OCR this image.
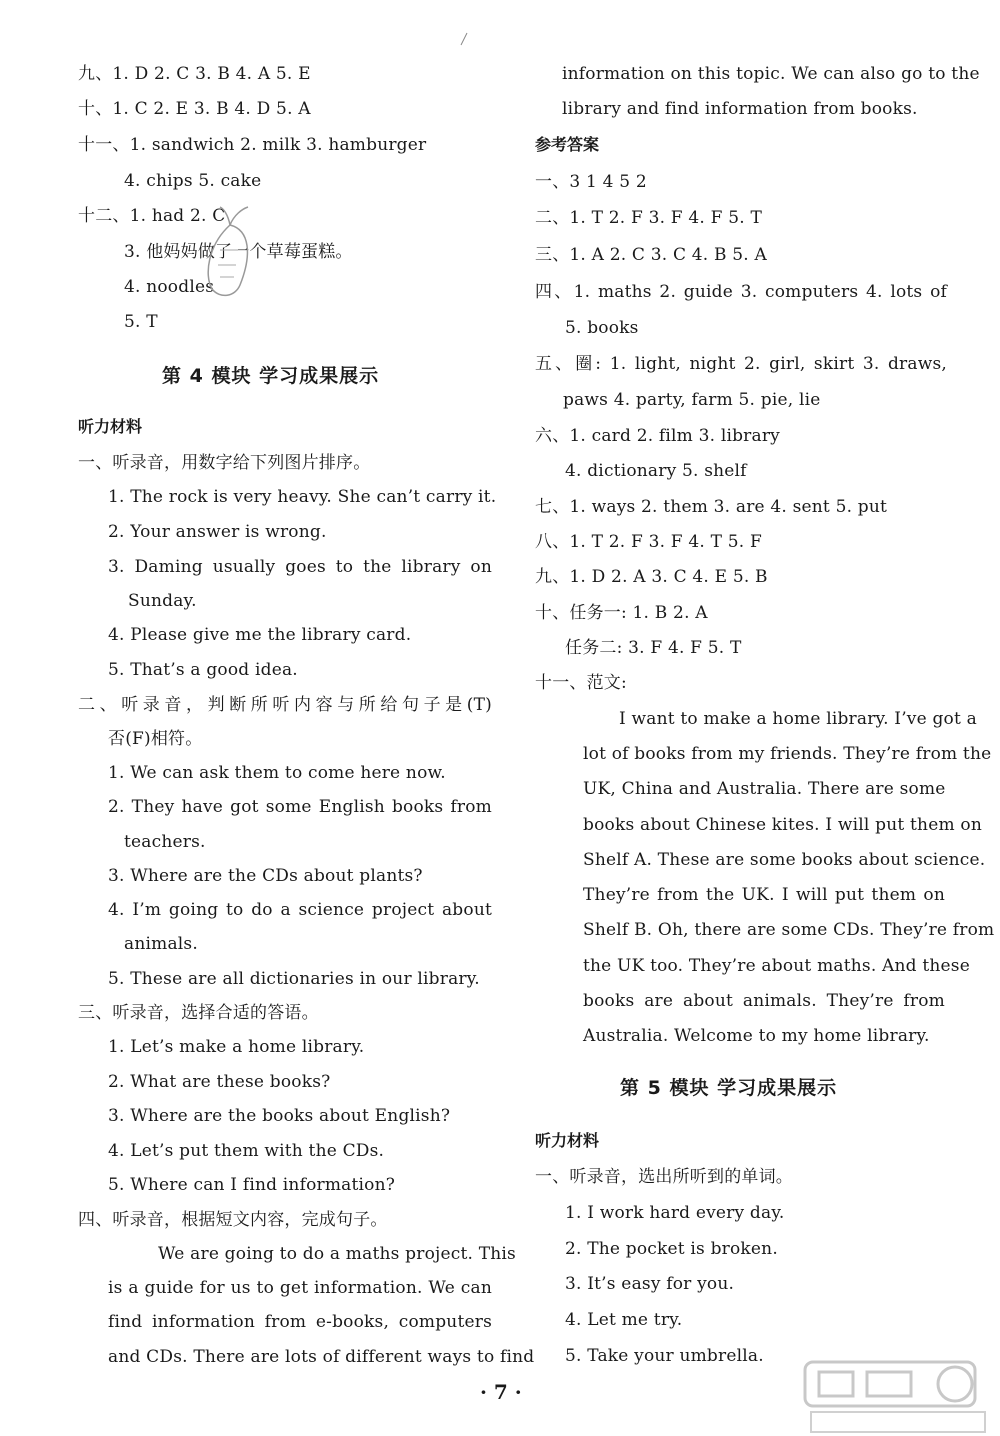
九、1. D 2. C 3. B 4. A 5. E
十、1. C 2. E 3. B 4. D 5. A
十一、1. sandwich 2. milk 3. hamburger
4. chips 5. cake
十二、1. had 2. C
3. 他妈妈做了一个草莓蛋糕。
4. noodles
5. T
第 4 模块 学习成果展示
听力材料
一、听录音，用数字给下列图片排序。
1. The rock is very heavy. She can’t carry it.
2. Your answer is wrong.
3. Daming usually goes to the library on
Sunday.
4. Please give me the library card.
5. That’s a good idea.
二、听录音，判断所听内容与所给句子是(T)
否(F)相符。
1. We can ask them to come here now.
2. They have got some English books from
teachers.
3. Where are the CDs about plants?
4. I’m going to do a science project about
animals.
5. These are all dictionaries in our library.
三、听录音，选择合适的答语。
1. Let’s make a home library.
2. What are these books?
3. Where are the books about English?
4. Let’s put them with the CDs.
5. Where can I find information?
四、听录音，根据短文内容，完成句子。
We are going to do a maths project. This
is a guide for us to get information. We can
find information from e-books, computers
and CDs. There are lots of different ways to find
information on this topic. We can also go to the
library and find information from books.
参考答案
一、3 1 4 5 2
二、1. T 2. F 3. F 4. F 5. T
三、1. A 2. C 3. C 4. B 5. A
四、1. maths 2. guide 3. computers 4. lots of
5. books
五、圈: 1. light, night 2. girl, skirt 3. draws,
paws 4. party, farm 5. pie, lie
六、1. card 2. film 3. library
4. dictionary 5. shelf
七、1. ways 2. them 3. are 4. sent 5. put
八、1. T 2. F 3. F 4. T 5. F
九、1. D 2. A 3. C 4. E 5. B
十、任务一: 1. B 2. A
任务二: 3. F 4. F 5. T
十一、范文:
I want to make a home library. I’ve got a
lot of books from my friends. They’re from the
UK, China and Australia. There are some
books about Chinese kites. I will put them on
Shelf A. These are some books about science.
They’re from the UK. I will put them on
Shelf B. Oh, there are some CDs. They’re from
the UK too. They’re about maths. And these
books are about animals. They’re from
Australia. Welcome to my home library.
第 5 模块 学习成果展示
听力材料
一、听录音，选出所听到的单词。
1. I work hard every day.
2. The pocket is broken.
3. It’s easy for you.
4. Let me try.
5. Take your umbrella.
· 7 ·
